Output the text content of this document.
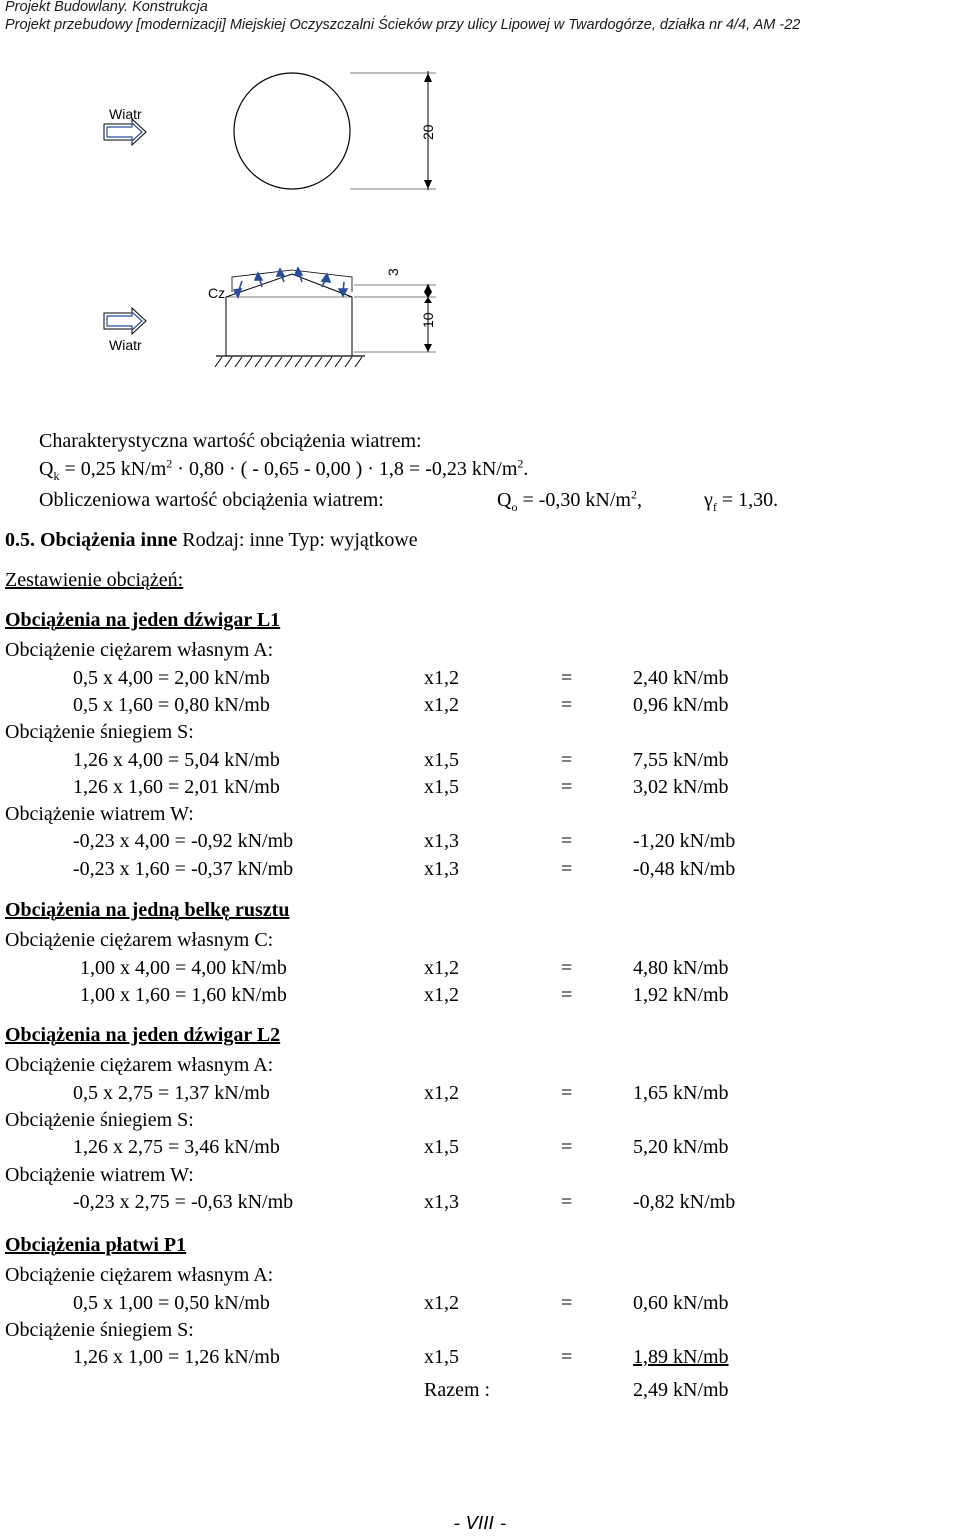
Projekt Budowlany. Konstrukcja
Projekt przebudowy [modernizacji] Miejskiej Oczyszczalni Ścieków przy ulicy Lipowej w Twardogórze, działka nr 4/4, AM -22
Wiatr
20
Cz
Wiatr
3
10
Charakterystyczna wartość obciążenia wiatrem:
$Q_k = 0,25$ $kN/m^2 \cdot 0,80$ · ( - 0,65 - 0,00 ) · 1,8 = -0,23 $kN/m^2$.
Obliczeniowa wartość obciążenia wiatrem:	$Q_o = -0,30$ $kN/m^2$,	$\gamma_f = 1,30$.
0.5. Obciążenia inne Rodzaj: inne Typ: wyjątkowe
Zestawienie obciążeń:
Obciążenia na jeden dźwigar L1
Obciążenie ciężarem własnym A:
0,5 x 4,00 = 2,00 kN/mb	x1,2	=	2,40 kN/mb
0,5 x 1,60 = 0,80 kN/mb	x1,2	=	0,96 kN/mb
Obciążenie śniegiem S:
1,26 x 4,00 = 5,04 kN/mb	x1,5	=	7,55 kN/mb
1,26 x 1,60 = 2,01 kN/mb	x1,5	=	3,02 kN/mb
Obciążenie wiatrem W:
-0,23 x 4,00 = -0,92 kN/mb	x1,3	=	-1,20 kN/mb
-0,23 x 1,60 = -0,37 kN/mb	x1,3	=	-0,48 kN/mb
Obciążenia na jedną belkę rusztu
Obciążenie ciężarem własnym C:
1,00 x 4,00 = 4,00 kN/mb	x1,2	=	4,80 kN/mb
1,00 x 1,60 = 1,60 kN/mb	x1,2	=	1,92 kN/mb
Obciążenia na jeden dźwigar L2
Obciążenie ciężarem własnym A:
0,5 x 2,75 = 1,37 kN/mb	x1,2	=	1,65 kN/mb
Obciążenie śniegiem S:
1,26 x 2,75 = 3,46 kN/mb	x1,5	=	5,20 kN/mb
Obciążenie wiatrem W:
-0,23 x 2,75 = -0,63 kN/mb	x1,3	=	-0,82 kN/mb
Obciążenia płatwi P1
Obciążenie ciężarem własnym A:
0,5 x 1,00 = 0,50 kN/mb	x1,2	=	0,60 kN/mb
Obciążenie śniegiem S:
1,26 x 1,00 = 1,26 kN/mb	x1,5	=	1,89 kN/mb
Razem :	2,49 kN/mb
- VIII -
